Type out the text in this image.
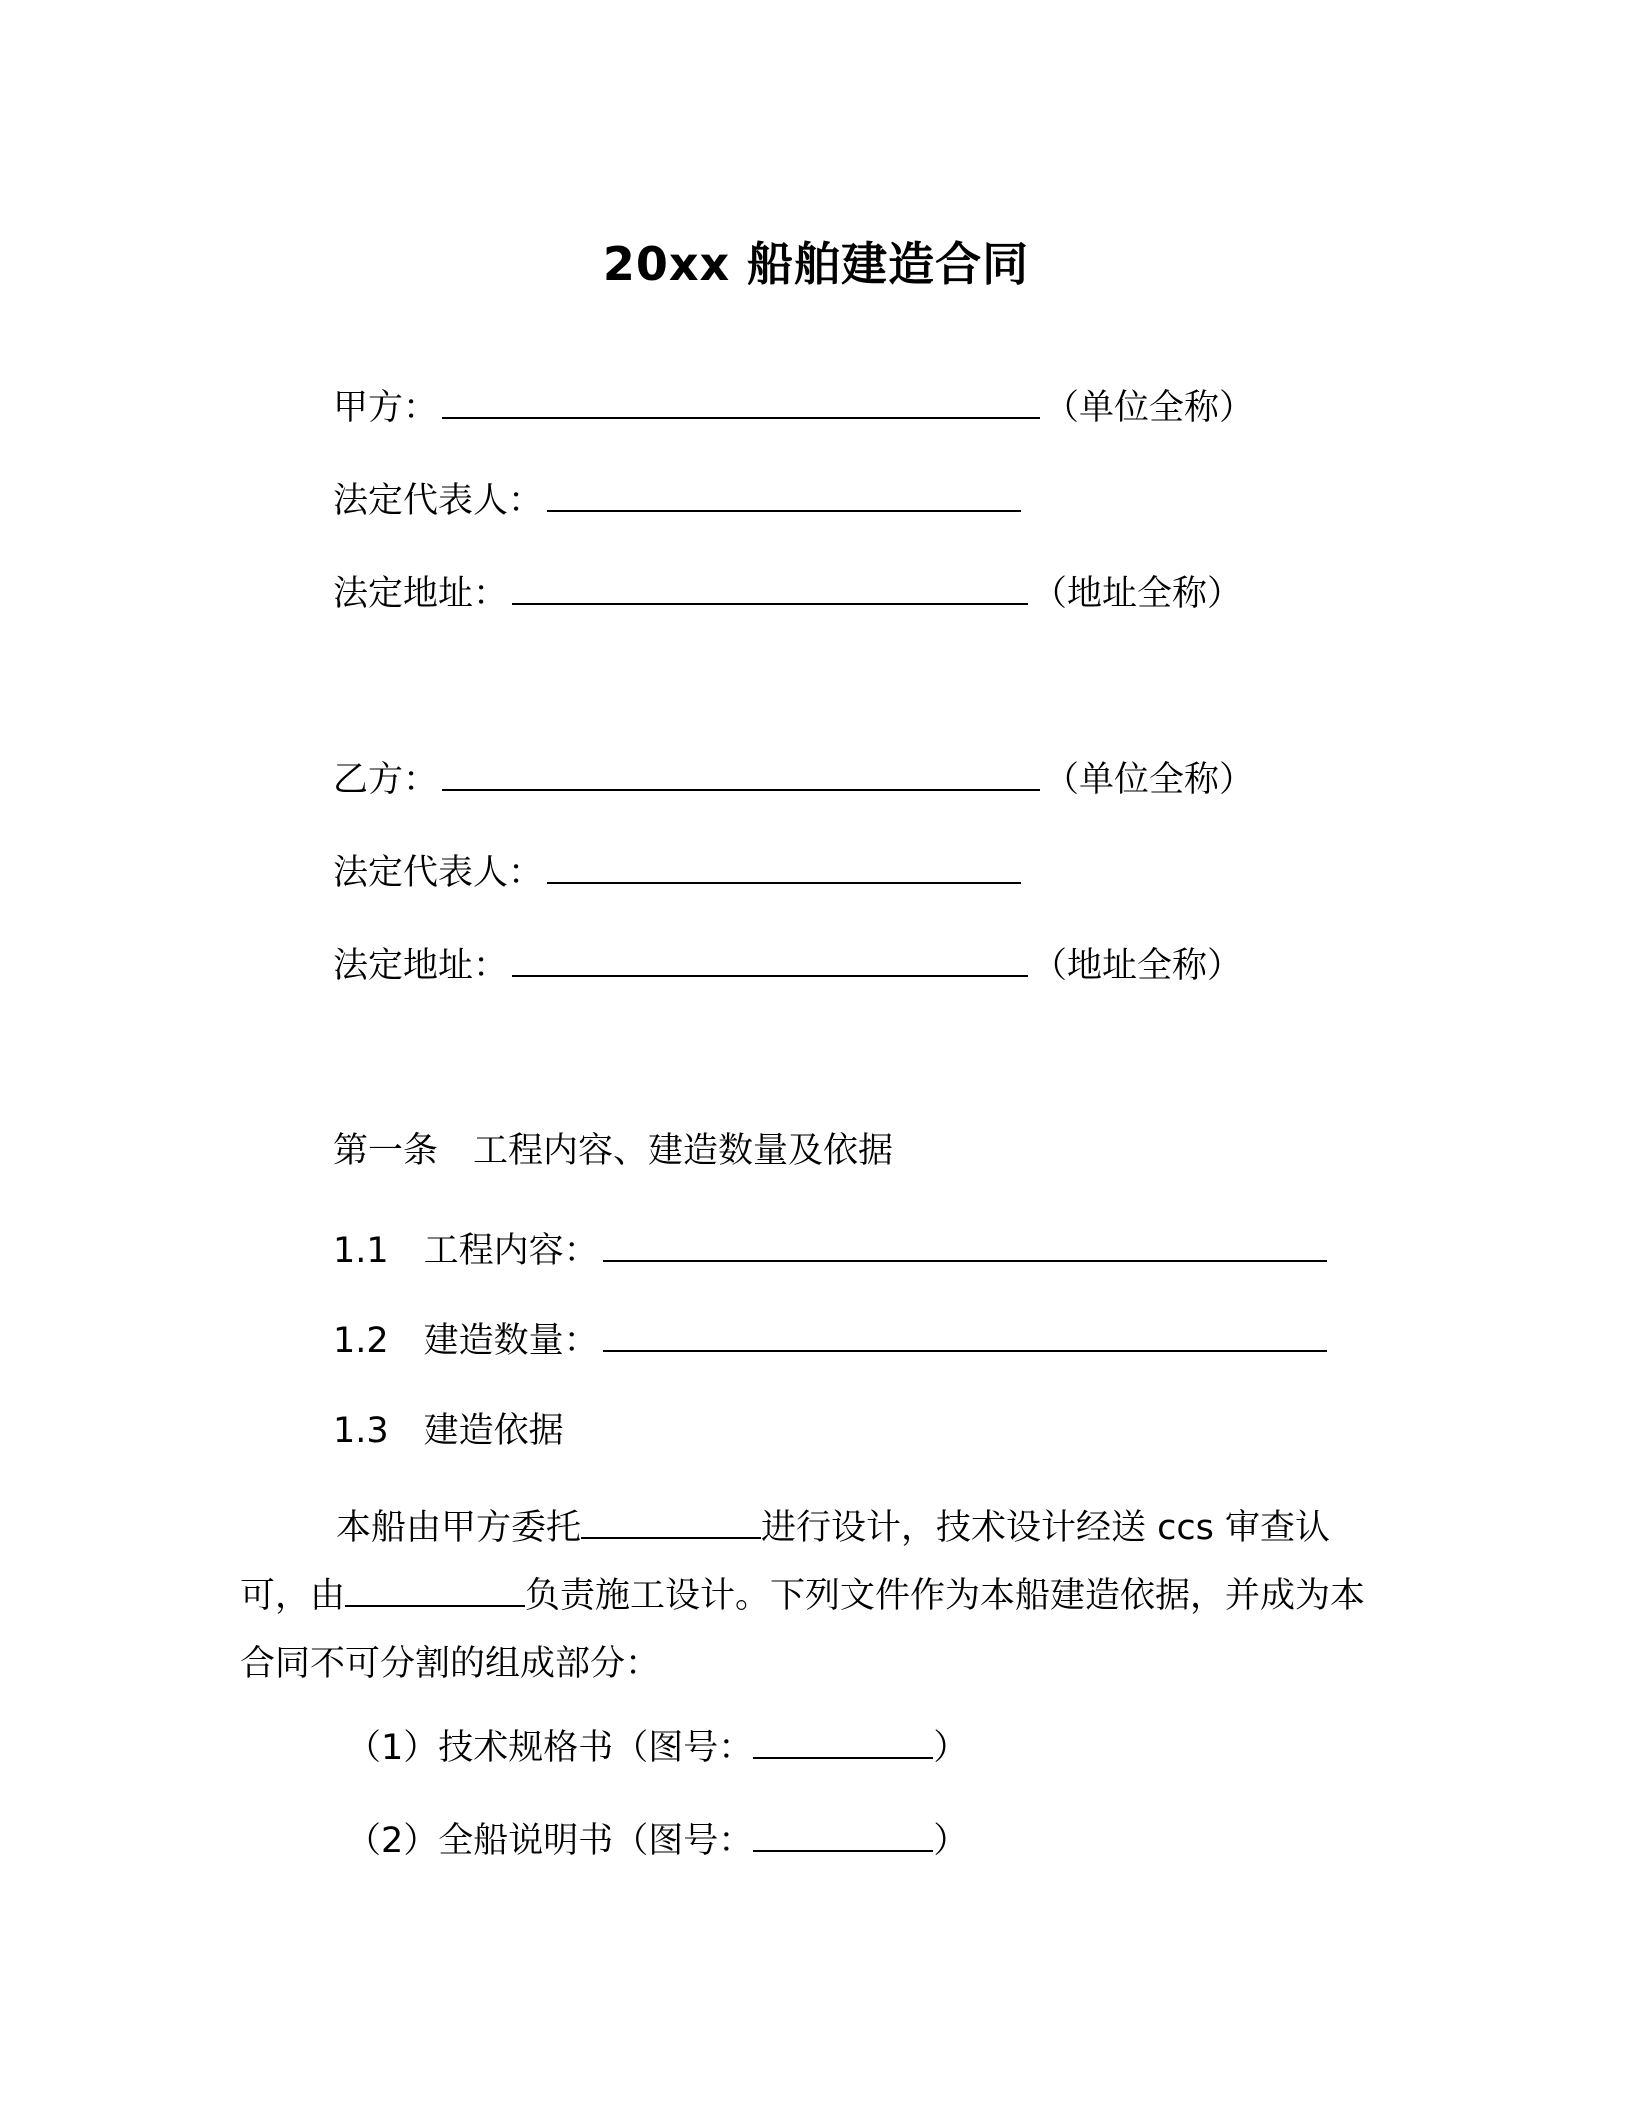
20xx 船舶建造合同
甲方：	（单位全称）
法定代表人：
法定地址：	（地址全称）
乙方：	（单位全称）
法定代表人：
法定地址：	（地址全称）
第一条　工程内容、建造数量及依据
1.1　工程内容：
1.2　建造数量：
1.3　建造依据
本船由甲方委托	进行设计，技术设计经送 ccs 审查认可，由	负责施工设计。下列文件作为本船建造依据，并成为本合同不可分割的组成部分：
（1）技术规格书（图号：	）
（2）全船说明书（图号：	）
